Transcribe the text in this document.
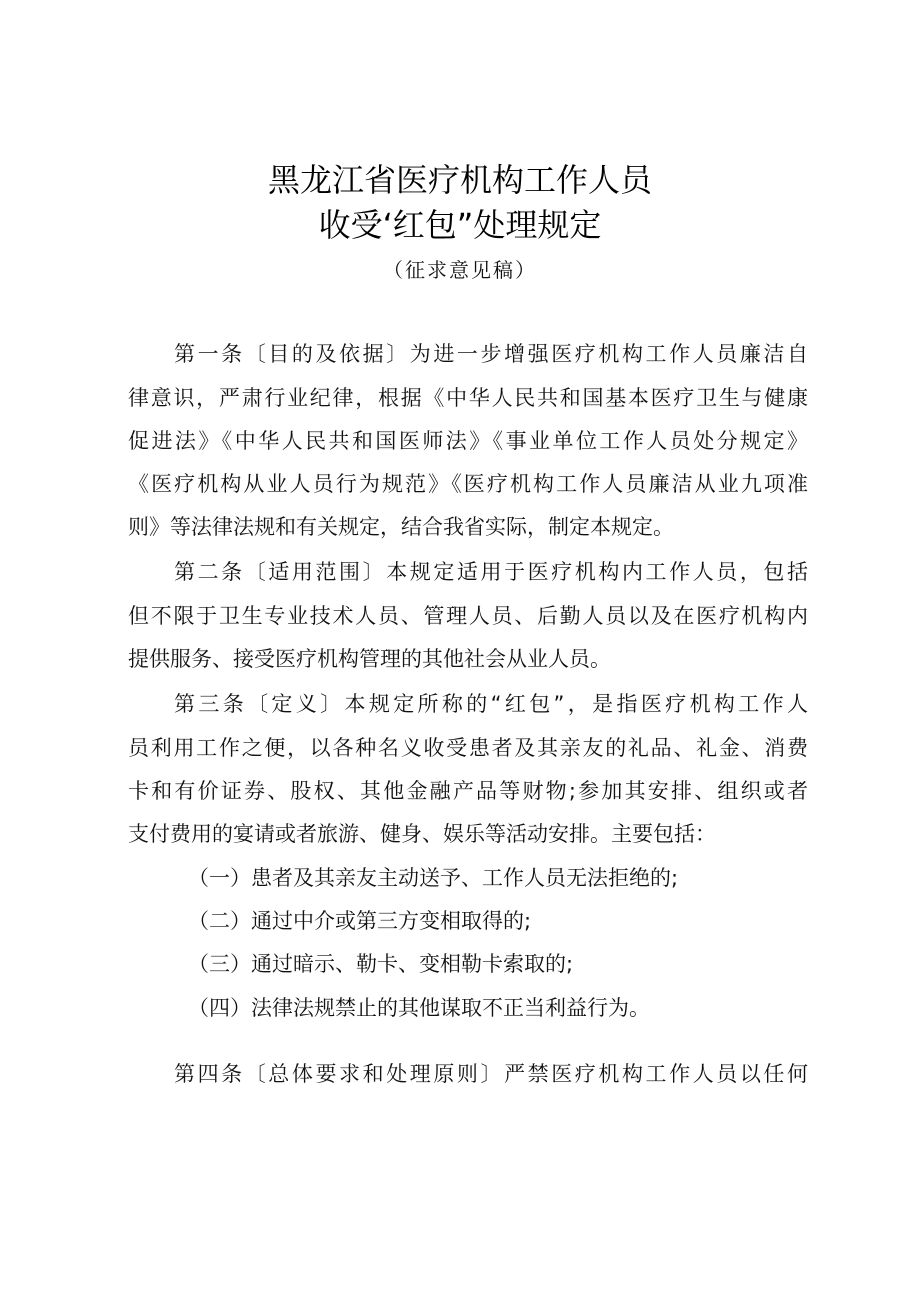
黑龙江省医疗机构工作人员
收受‘红包”处理规定
（征求意见稿）
第一条〔目的及依据〕为进一步增强医疗机构工作人员廉洁自
律意识，严肃行业纪律，根据《中华人民共和国基本医疗卫生与健康
促进法》《中华人民共和国医师法》《事业单位工作人员处分规定》
《医疗机构从业人员行为规范》《医疗机构工作人员廉洁从业九项准
则》等法律法规和有关规定，结合我省实际，制定本规定。
第二条〔适用范围〕本规定适用于医疗机构内工作人员，包括
但不限于卫生专业技术人员、管理人员、后勤人员以及在医疗机构内
提供服务、接受医疗机构管理的其他社会从业人员。
第三条〔定义〕本规定所称的“红包”，是指医疗机构工作人
员利用工作之便，以各种名义收受患者及其亲友的礼品、礼金、消费
卡和有价证券、股权、其他金融产品等财物;参加其安排、组织或者
支付费用的宴请或者旅游、健身、娱乐等活动安排。主要包括：
（一）患者及其亲友主动送予、工作人员无法拒绝的;
（二）通过中介或第三方变相取得的;
（三）通过暗示、勒卡、变相勒卡索取的;
（四）法律法规禁止的其他谋取不正当利益行为。
第四条〔总体要求和处理原则〕严禁医疗机构工作人员以任何
